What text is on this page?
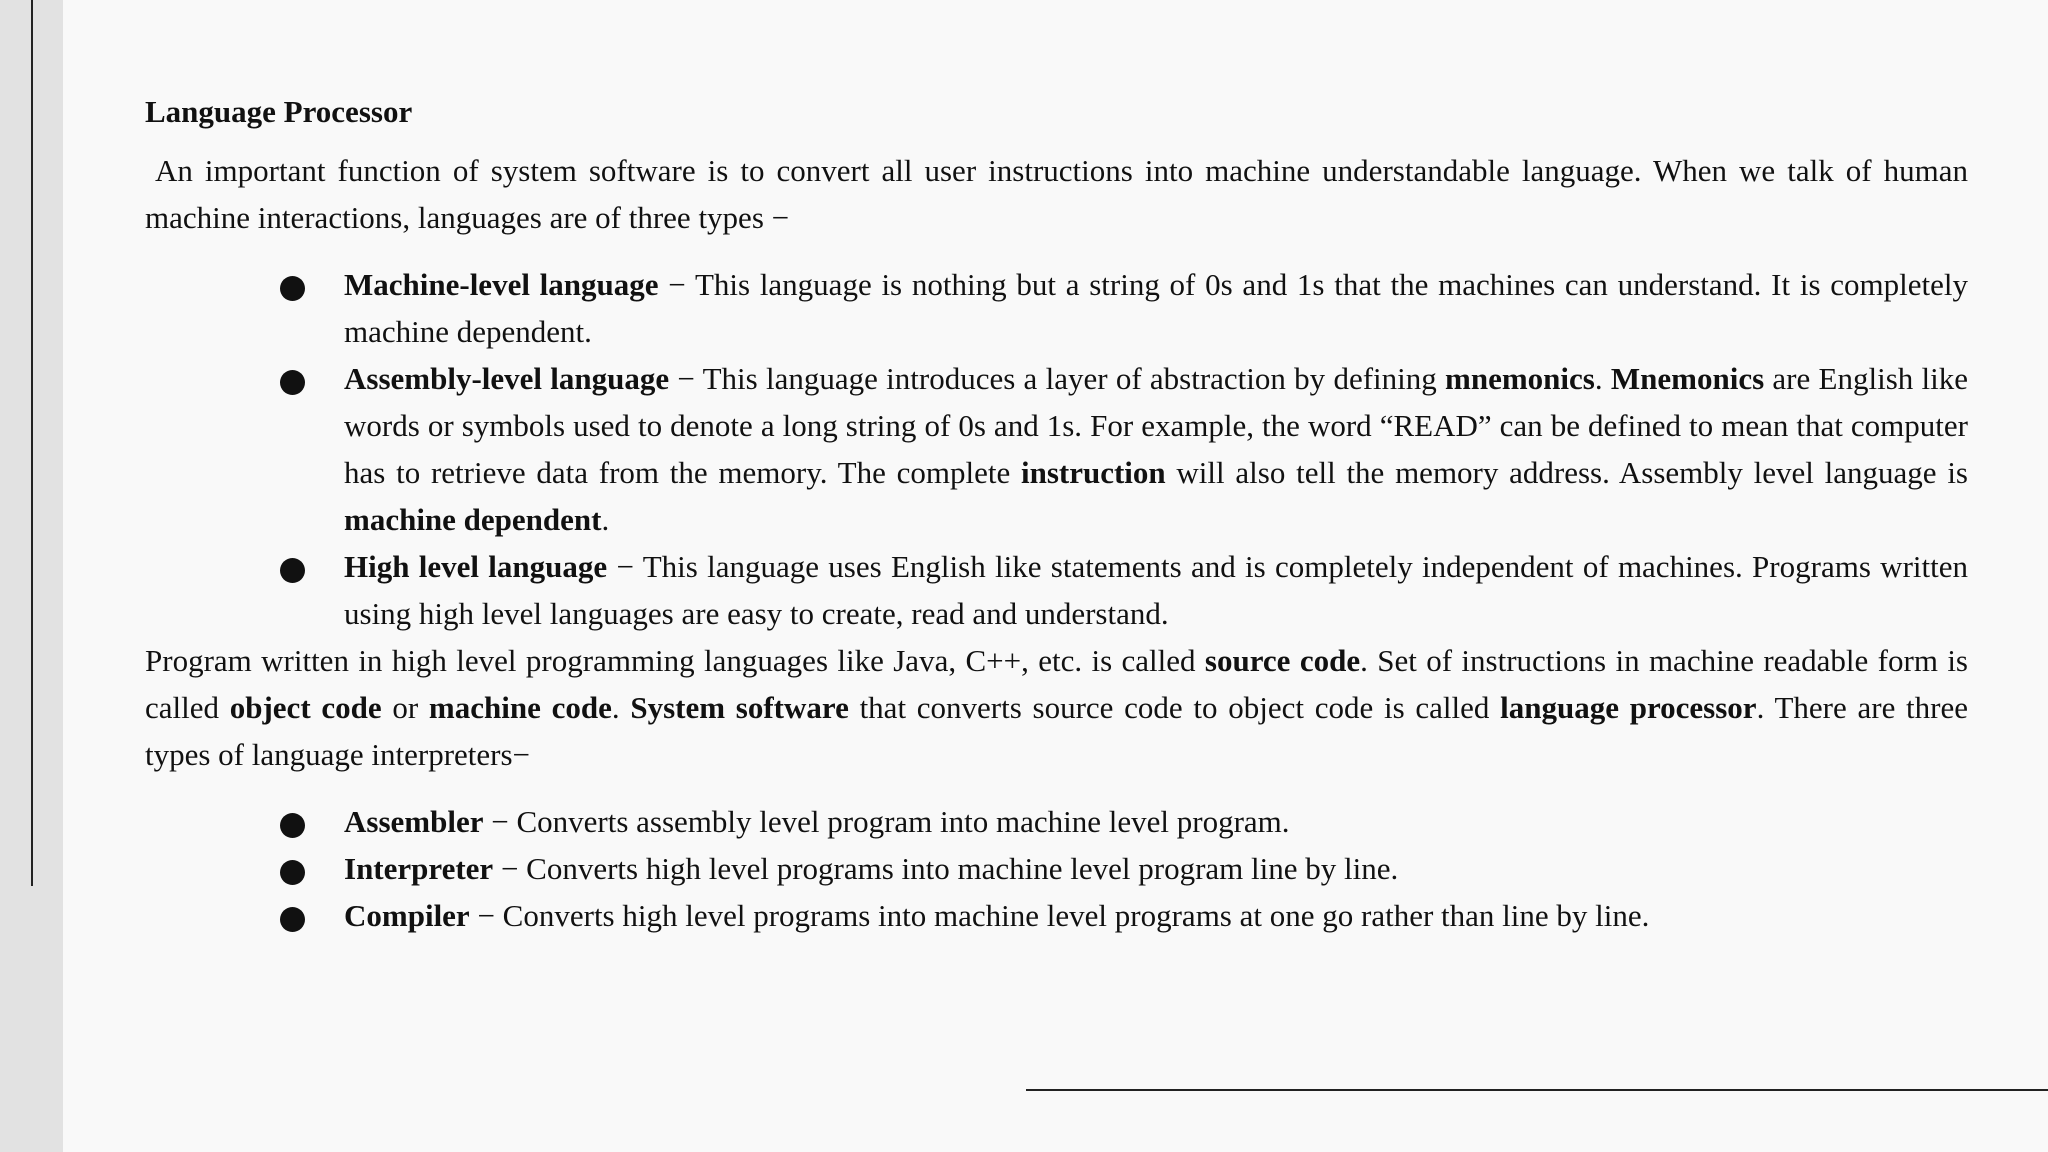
Language Processor

An important function of system software is to convert all user instructions into machine understandable language. When we talk of human machine interactions, languages are of three types −

Machine-level language − This language is nothing but a string of 0s and 1s that the machines can understand. It is completely machine dependent.
Assembly-level language − This language introduces a layer of abstraction by defining mnemonics. Mnemonics are English like words or symbols used to denote a long string of 0s and 1s. For example, the word “READ” can be defined to mean that computer has to retrieve data from the memory. The complete instruction will also tell the memory address. Assembly level language is machine dependent.
High level language − This language uses English like statements and is completely independent of machines. Programs written using high level languages are easy to create, read and understand.

Program written in high level programming languages like Java, C++, etc. is called source code. Set of instructions in machine readable form is called object code or machine code. System software that converts source code to object code is called language processor. There are three types of language interpreters−

Assembler − Converts assembly level program into machine level program.
Interpreter − Converts high level programs into machine level program line by line.
Compiler − Converts high level programs into machine level programs at one go rather than line by line.
